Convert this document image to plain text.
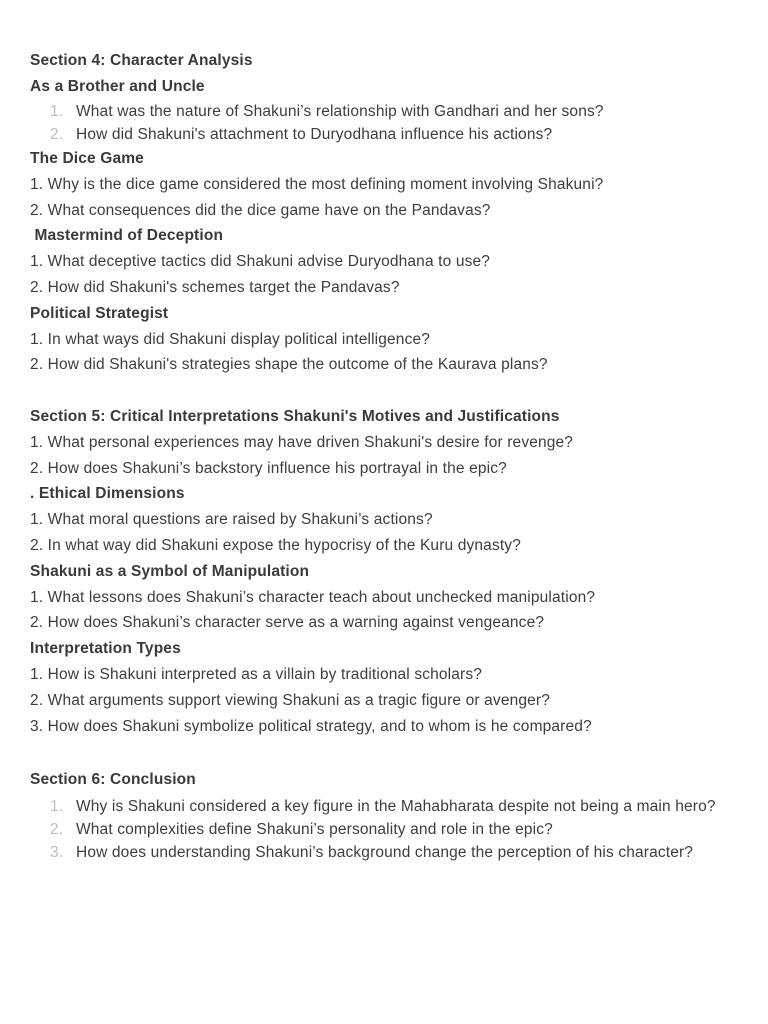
Section 4: Character Analysis
As a Brother and Uncle
1. What was the nature of Shakuni’s relationship with Gandhari and her sons?
2. How did Shakuni's attachment to Duryodhana influence his actions?
The Dice Game
1. Why is the dice game considered the most defining moment involving Shakuni?
2. What consequences did the dice game have on the Pandavas?
Mastermind of Deception
1. What deceptive tactics did Shakuni advise Duryodhana to use?
2. How did Shakuni's schemes target the Pandavas?
Political Strategist
1. In what ways did Shakuni display political intelligence?
2. How did Shakuni's strategies shape the outcome of the Kaurava plans?
Section 5: Critical Interpretations Shakuni's Motives and Justifications
1. What personal experiences may have driven Shakuni's desire for revenge?
2. How does Shakuni’s backstory influence his portrayal in the epic?
. Ethical Dimensions
1. What moral questions are raised by Shakuni’s actions?
2. In what way did Shakuni expose the hypocrisy of the Kuru dynasty?
Shakuni as a Symbol of Manipulation
1. What lessons does Shakuni’s character teach about unchecked manipulation?
2. How does Shakuni’s character serve as a warning against vengeance?
Interpretation Types
1. How is Shakuni interpreted as a villain by traditional scholars?
2. What arguments support viewing Shakuni as a tragic figure or avenger?
3. How does Shakuni symbolize political strategy, and to whom is he compared?
Section 6: Conclusion
1. Why is Shakuni considered a key figure in the Mahabharata despite not being a main hero?
2. What complexities define Shakuni’s personality and role in the epic?
3. How does understanding Shakuni’s background change the perception of his character?
